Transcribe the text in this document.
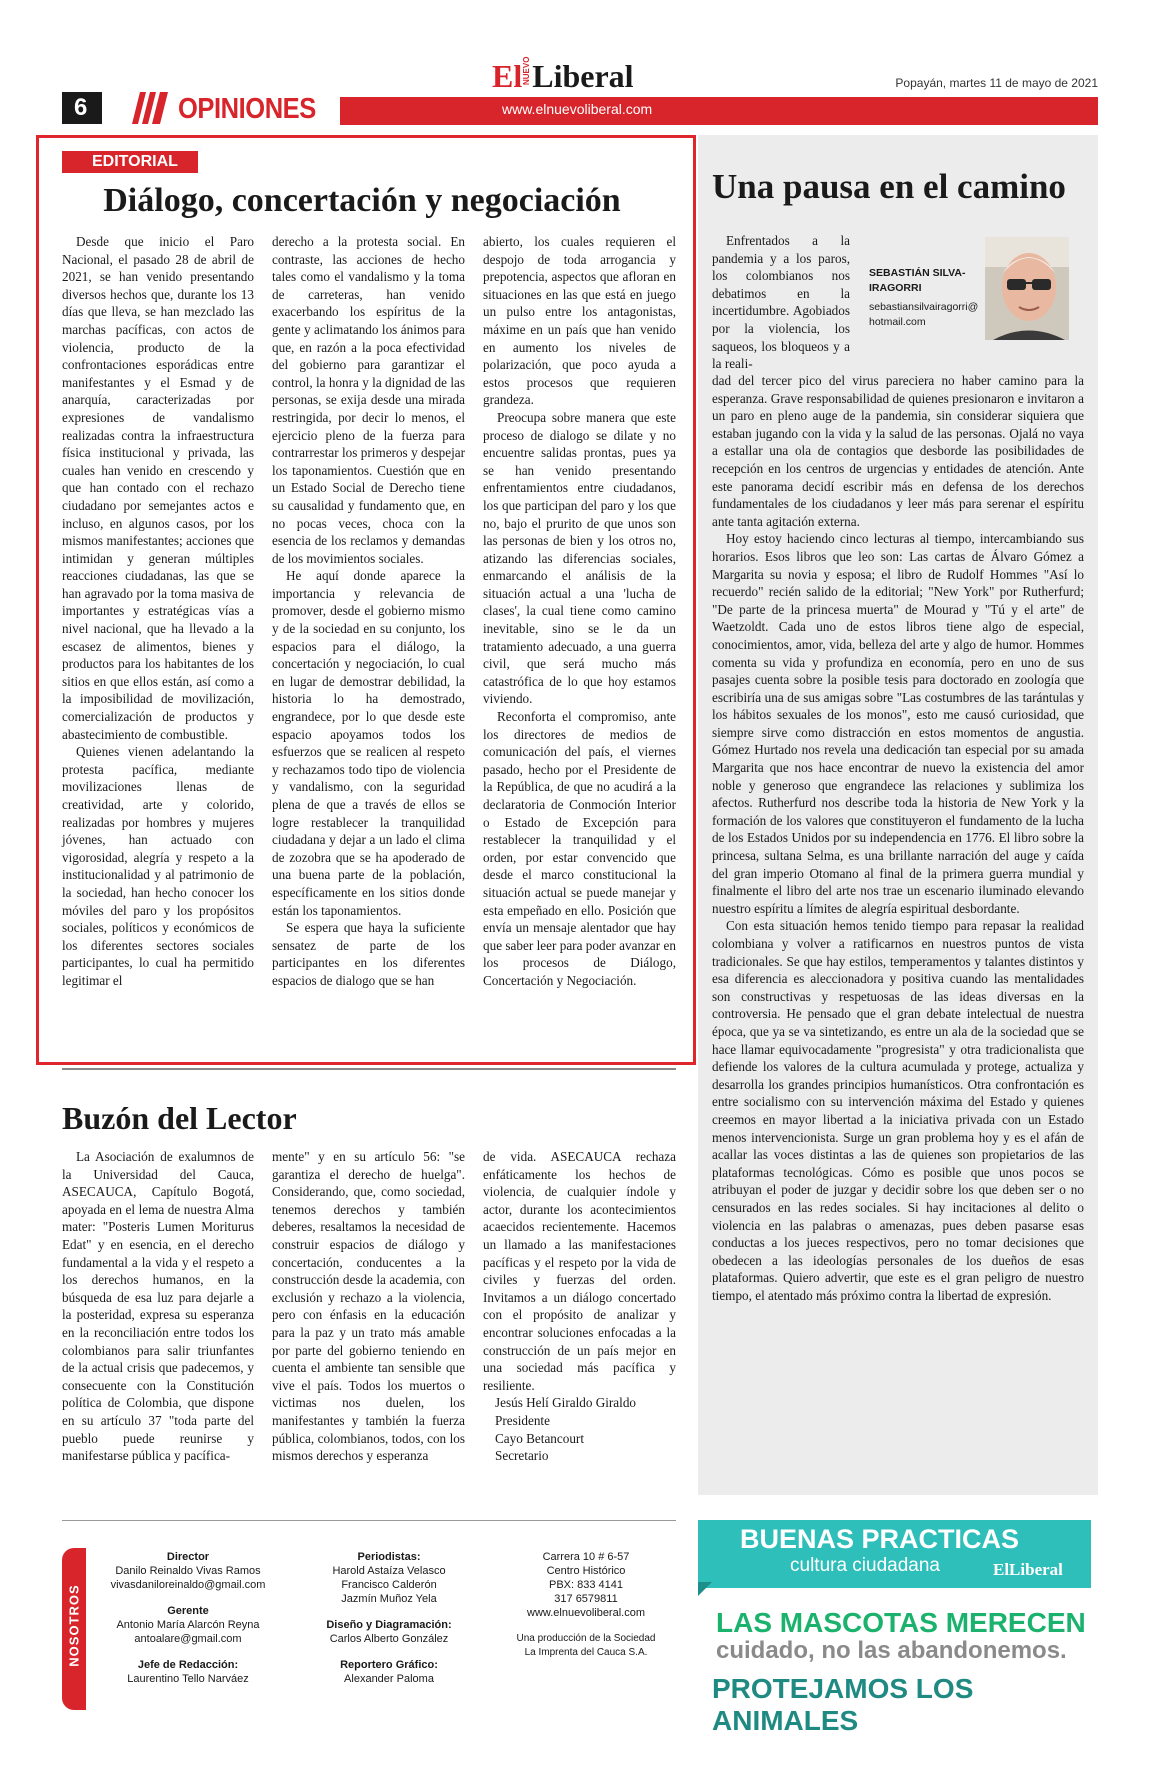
ElNUEVOLiberal	Popayán, martes 11 de mayo de 2021
6	OPINIONES	www.elnuevoliberal.com
EDITORIAL
Diálogo, concertación y negociación

Desde que inicio el Paro Nacional, el pasado 28 de abril de 2021, se han venido presentando diversos hechos que, durante los 13 días que lleva, se han mezclado las marchas pacíficas, con actos de violencia, producto de la confrontaciones esporádicas entre manifestantes y el Esmad y de anarquía, caracterizadas por expresiones de vandalismo realizadas contra la infraestructura física institucional y privada, las cuales han venido en crescendo y que han contado con el rechazo ciudadano por semejantes actos e incluso, en algunos casos, por los mismos manifestantes; acciones que intimidan y generan múltiples reacciones ciudadanas, las que se han agravado por la toma masiva de importantes y estratégicas vías a nivel nacional, que ha llevado a la escasez de alimentos, bienes y productos para los habitantes de los sitios en que ellos están, así como a la imposibilidad de movilización, comercialización de productos y abastecimiento de combustible.

Quienes vienen adelantando la protesta pacífica, mediante movilizaciones llenas de creatividad, arte y colorido, realizadas por hombres y mujeres jóvenes, han actuado con vigorosidad, alegría y respeto a la institucionalidad y al patrimonio de la sociedad, han hecho conocer los móviles del paro y los propósitos sociales, políticos y económicos de los diferentes sectores sociales participantes, lo cual ha permitido legitimar el

derecho a la protesta social. En contraste, las acciones de hecho tales como el vandalismo y la toma de carreteras, han venido exacerbando los espíritus de la gente y aclimatando los ánimos para que, en razón a la poca efectividad del gobierno para garantizar el control, la honra y la dignidad de las personas, se exija desde una mirada restringida, por decir lo menos, el ejercicio pleno de la fuerza para contrarrestar los primeros y despejar los taponamientos. Cuestión que en un Estado Social de Derecho tiene su causalidad y fundamento que, en no pocas veces, choca con la esencia de los reclamos y demandas de los movimientos sociales.

He aquí donde aparece la importancia y relevancia de promover, desde el gobierno mismo y de la sociedad en su conjunto, los espacios para el diálogo, la concertación y negociación, lo cual en lugar de demostrar debilidad, la historia lo ha demostrado, engrandece, por lo que desde este espacio apoyamos todos los esfuerzos que se realicen al respeto y rechazamos todo tipo de violencia y vandalismo, con la seguridad plena de que a través de ellos se logre restablecer la tranquilidad ciudadana y dejar a un lado el clima de zozobra que se ha apoderado de una buena parte de la población, específicamente en los sitios donde están los taponamientos.

Se espera que haya la suficiente sensatez de parte de los participantes en los diferentes espacios de dialogo que se han

abierto, los cuales requieren el despojo de toda arrogancia y prepotencia, aspectos que afloran en situaciones en las que está en juego un pulso entre los antagonistas, máxime en un país que han venido en aumento los niveles de polarización, que poco ayuda a estos procesos que requieren grandeza.

Preocupa sobre manera que este proceso de dialogo se dilate y no encuentre salidas prontas, pues ya se han venido presentando enfrentamientos entre ciudadanos, los que participan del paro y los que no, bajo el prurito de que unos son las personas de bien y los otros no, atizando las diferencias sociales, enmarcando el análisis de la situación actual a una 'lucha de clases', la cual tiene como camino inevitable, sino se le da un tratamiento adecuado, a una guerra civil, que será mucho más catastrófica de lo que hoy estamos viviendo.

Reconforta el compromiso, ante los directores de medios de comunicación del país, el viernes pasado, hecho por el Presidente de la República, de que no acudirá a la declaratoria de Conmoción Interior o Estado de Excepción para restablecer la tranquilidad y el orden, por estar convencido que desde el marco constitucional la situación actual se puede manejar y esta empeñado en ello. Posición que envía un mensaje alentador que hay que saber leer para poder avanzar en los procesos de Diálogo, Concertación y Negociación.

Buzón del Lector

La Asociación de exalumnos de la Universidad del Cauca, ASECAUCA, Capítulo Bogotá, apoyada en el lema de nuestra Alma mater: "Posteris Lumen Moriturus Edat" y en esencia, en el derecho fundamental a la vida y el respeto a los derechos humanos, en la búsqueda de esa luz para dejarle a la posteridad, expresa su esperanza en la reconciliación entre todos los colombianos para salir triunfantes de la actual crisis que padecemos, y consecuente con la Constitución política de Colombia, que dispone en su artículo 37 "toda parte del pueblo puede reunirse y manifestarse pública y pacífica-

mente" y en su artículo 56: "se garantiza el derecho de huelga". Considerando, que, como sociedad, tenemos derechos y también deberes, resaltamos la necesidad de construir espacios de diálogo y concertación, conducentes a la construcción desde la academia, con exclusión y rechazo a la violencia, pero con énfasis en la educación para la paz y un trato más amable por parte del gobierno teniendo en cuenta el ambiente tan sensible que vive el país. Todos los muertos o victimas nos duelen, los manifestantes y también la fuerza pública, colombianos, todos, con los mismos derechos y esperanza

de vida. ASECAUCA rechaza enfáticamente los hechos de violencia, de cualquier índole y actor, durante los acontecimientos acaecidos recientemente. Hacemos un llamado a las manifestaciones pacíficas y el respeto por la vida de civiles y fuerzas del orden. Invitamos a un diálogo concertado con el propósito de analizar y encontrar soluciones enfocadas a la construcción de un país mejor en una sociedad más pacífica y resiliente.

Jesús Helí Giraldo Giraldo

Presidente

Cayo Betancourt

Secretario

Una pausa en el camino

Enfrentados a la pandemia y a los paros, los colombianos nos debatimos en la incertidumbre. Agobiados por la violencia, los saqueos, los bloqueos y a la reali-

SEBASTIÁN SILVA-IRAGORRI
sebastiansilvairagorri@hotmail.com

dad del tercer pico del virus pareciera no haber camino para la esperanza. Grave responsabilidad de quienes presionaron e invitaron a un paro en pleno auge de la pandemia, sin considerar siquiera que estaban jugando con la vida y la salud de las personas. Ojalá no vaya a estallar una ola de contagios que desborde las posibilidades de recepción en los centros de urgencias y entidades de atención. Ante este panorama decidí escribir más en defensa de los derechos fundamentales de los ciudadanos y leer más para serenar el espíritu ante tanta agitación externa.

Hoy estoy haciendo cinco lecturas al tiempo, intercambiando sus horarios. Esos libros que leo son: Las cartas de Álvaro Gómez a Margarita su novia y esposa; el libro de Rudolf Hommes "Así lo recuerdo" recién salido de la editorial; "New York" por Rutherfurd; "De parte de la princesa muerta" de Mourad y "Tú y el arte" de Waetzoldt. Cada uno de estos libros tiene algo de especial, conocimientos, amor, vida, belleza del arte y algo de humor. Hommes comenta su vida y profundiza en economía, pero en uno de sus pasajes cuenta sobre la posible tesis para doctorado en zoología que escribiría una de sus amigas sobre "Las costumbres de las tarántulas y los hábitos sexuales de los monos", esto me causó curiosidad, que siempre sirve como distracción en estos momentos de angustia. Gómez Hurtado nos revela una dedicación tan especial por su amada Margarita que nos hace encontrar de nuevo la existencia del amor noble y generoso que engrandece las relaciones y sublimiza los afectos. Rutherfurd nos describe toda la historia de New York y la formación de los valores que constituyeron el fundamento de la lucha de los Estados Unidos por su independencia en 1776. El libro sobre la princesa, sultana Selma, es una brillante narración del auge y caída del gran imperio Otomano al final de la primera guerra mundial y finalmente el libro del arte nos trae un escenario iluminado elevando nuestro espíritu a límites de alegría espiritual desbordante.

Con esta situación hemos tenido tiempo para repasar la realidad colombiana y volver a ratificarnos en nuestros puntos de vista tradicionales. Se que hay estilos, temperamentos y talantes distintos y esa diferencia es aleccionadora y positiva cuando las mentalidades son constructivas y respetuosas de las ideas diversas en la controversia. He pensado que el gran debate intelectual de nuestra época, que ya se va sintetizando, es entre un ala de la sociedad que se hace llamar equivocadamente "progresista" y otra tradicionalista que defiende los valores de la cultura acumulada y protege, actualiza y desarrolla los grandes principios humanísticos. Otra confrontación es entre socialismo con su intervención máxima del Estado y quienes creemos en mayor libertad a la iniciativa privada con un Estado menos intervencionista. Surge un gran problema hoy y es el afán de acallar las voces distintas a las de quienes son propietarios de las plataformas tecnológicas. Cómo es posible que unos pocos se atribuyan el poder de juzgar y decidir sobre los que deben ser o no censurados en las redes sociales. Si hay incitaciones al delito o violencia en las palabras o amenazas, pues deben pasarse esas conductas a los jueces respectivos, pero no tomar decisiones que obedecen a las ideologías personales de los dueños de esas plataformas. Quiero advertir, que este es el gran peligro de nuestro tiempo, el atentado más próximo contra la libertad de expresión.

NOSOTROS
Director
Danilo Reinaldo Vivas Ramos
vivasdaniloreinaldo@gmail.com
Gerente
Antonio María Alarcón Reyna
antoalare@gmail.com
Jefe de Redacción:
Laurentino Tello Narváez
Periodistas:
Harold Astaíza Velasco
Francisco Calderón
Jazmín Muñoz Yela
Diseño y Diagramación:
Carlos Alberto González
Reportero Gráfico:
Alexander Paloma
Carrera 10 # 6-57
Centro Histórico
PBX: 833 4141
317 6579811
www.elnuevoliberal.com
Una producción de la Sociedad
La Imprenta del Cauca S.A.
BUENAS PRACTICAS
cultura ciudadana	ElLiberal
LAS MASCOTAS MERECEN
cuidado, no las abandonemos.
PROTEJAMOS LOS ANIMALES
